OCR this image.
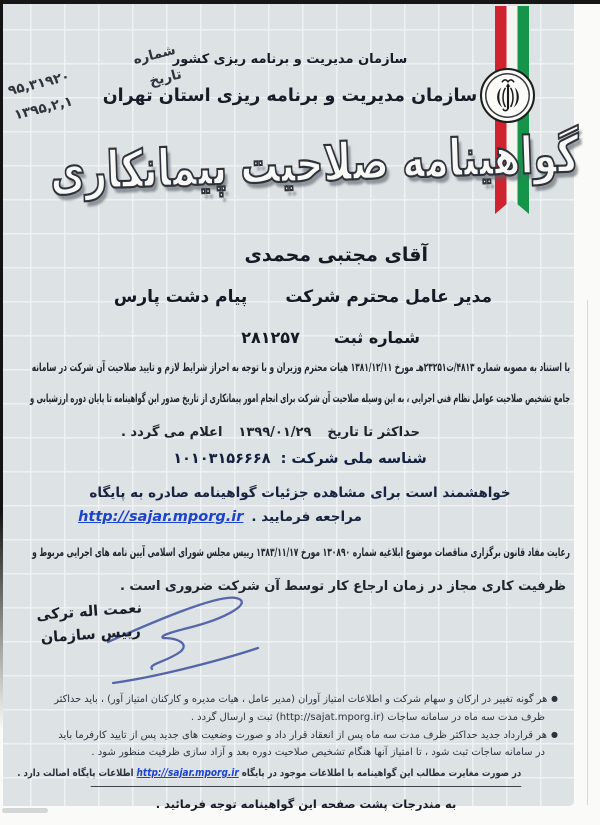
شماره
۹۵,۳۱۹۲۰	تاریخ
۱۳۹۵,۲,۱
سازمان مدیریت و برنامه ریزی کشور
سازمان مدیریت و برنامه ریزی استان تهران
گواهینامه صلاحیت پیمانکاری
آقای مجتبی محمدی
مدیر عامل محترم شرکت
پیام دشت پارس
شماره ثبت
۲۸۱۲۵۷
با استناد به مصوبه شماره ۴۸۱۳/ت۲۳۲۵۱هـ مورخ ۱۳۸۱/۱۲/۱۱ هیات محترم وزیران و با توجه به احراز شرایط لازم و تایید صلاحیت آن شرکت در سامانه
جامع تشخیص صلاحیت عوامل نظام فنی اجرایی ، به این وسیله صلاحیت آن شرکت برای انجام امور پیمانکاری از تاریخ صدور این گواهینامه تا پایان دوره ارزشیابی و
حداکثر تا تاریخ
۱۳۹۹/۰۱/۲۹
اعلام می گردد .
شناسه ملی شرکت :
۱۰۱۰۳۱۵۶۶۶۸
خواهشمند است برای مشاهده جزئیات گواهینامه صادره به پایگاه
http://sajar.mporg.ir مراجعه فرمایید .
رعایت مفاد قانون برگزاری مناقصات موضوع ابلاغیه شماره ۱۳۰۸۹۰ مورخ ۱۳۸۳/۱۱/۱۷ رییس مجلس شورای اسلامی آیین نامه های اجرایی مربوط و
ظرفیت کاری مجاز در زمان ارجاع کار توسط آن شرکت ضروری است .
نعمت اله ترکی
رییس سازمان
●هر گونه تغییر در ارکان و سهام شرکت و اطلاعات امتیاز آوران (مدیر عامل ، هیات مدیره و کارکنان امتیاز آور) ، باید حداکثر
ظرف مدت سه ماه در سامانه ساجات (http://sajat.mporg.ir) ثبت و ارسال گردد .
●هر قرارداد جدید حداکثر ظرف مدت سه ماه پس از انعقاد قرار داد و صورت وضعیت های جدید پس از تایید کارفرما باید
در سامانه ساجات ثبت شود ، تا امتیاز آنها هنگام تشخیص صلاحیت دوره بعد و آزاد سازی ظرفیت منظور شود .
در صورت مغایرت مطالب این گواهینامه با اطلاعات موجود در پایگاه http://sajar.mporg.ir اطلاعات پایگاه اصالت دارد .
به مندرجات پشت صفحه این گواهینامه توجه فرمائید .
